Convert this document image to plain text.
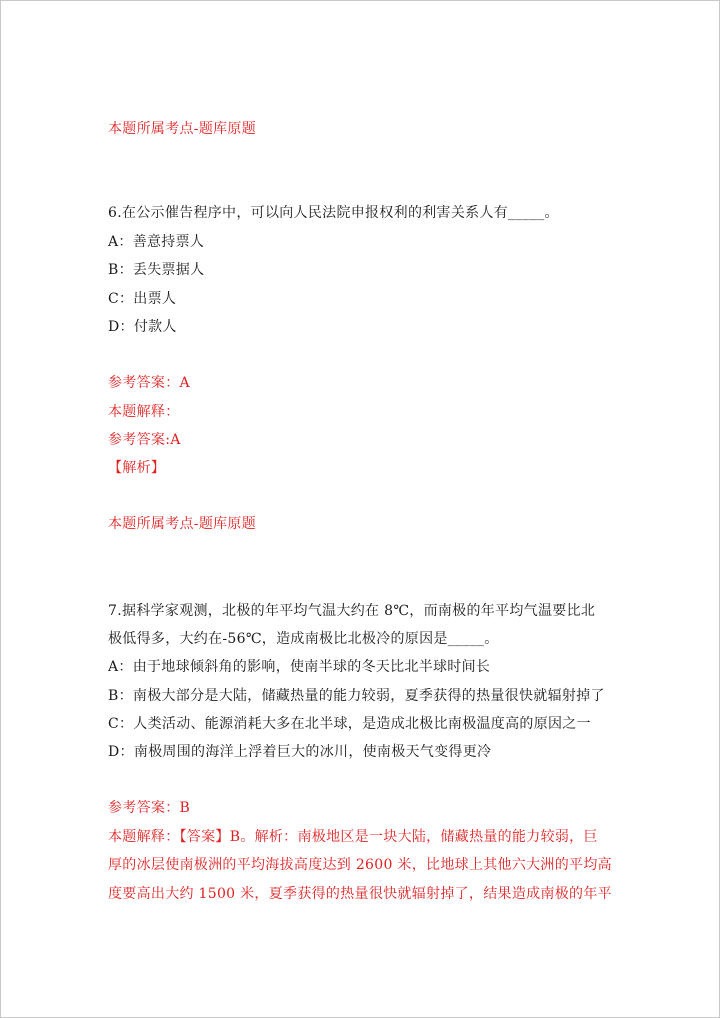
本题所属考点-题库原题
6.在公示催告程序中，可以向人民法院申报权利的利害关系人有_____。
A：善意持票人
B：丢失票据人
C：出票人
D：付款人
参考答案：A
本题解释：
参考答案:A
【解析】
本题所属考点-题库原题
7.据科学家观测，北极的年平均气温大约在 8℃，而南极的年平均气温要比北
极低得多，大约在-56℃，造成南极比北极冷的原因是_____。
A：由于地球倾斜角的影响，使南半球的冬天比北半球时间长
B：南极大部分是大陆，储藏热量的能力较弱，夏季获得的热量很快就辐射掉了
C：人类活动、能源消耗大多在北半球，是造成北极比南极温度高的原因之一
D：南极周围的海洋上浮着巨大的冰川，使南极天气变得更冷
参考答案：B
本题解释：【答案】B。解析：南极地区是一块大陆，储藏热量的能力较弱，巨
厚的冰层使南极洲的平均海拔高度达到 2600 米，比地球上其他六大洲的平均高
度要高出大约 1500 米，夏季获得的热量很快就辐射掉了，结果造成南极的年平
